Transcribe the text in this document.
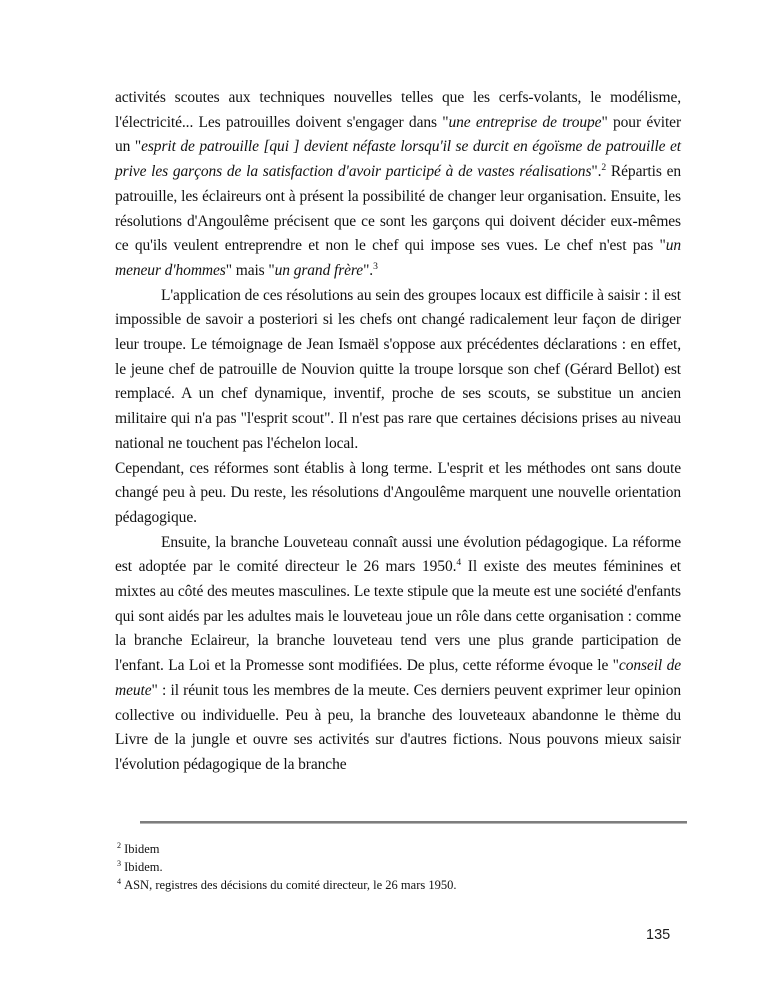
activités scoutes aux techniques nouvelles telles que les cerfs-volants, le modélisme, l'électricité... Les patrouilles doivent s'engager dans "une entreprise de troupe" pour éviter un "esprit de patrouille [qui ] devient néfaste lorsqu'il se durcit en égoïsme de patrouille et prive les garçons de la satisfaction d'avoir participé à de vastes réalisations".$^2$ Répartis en patrouille, les éclaireurs ont à présent la possibilité de changer leur organisation. Ensuite, les résolutions d'Angoulême précisent que ce sont les garçons qui doivent décider eux-mêmes ce qu'ils veulent entreprendre et non le chef qui impose ses vues. Le chef n'est pas "un meneur d'hommes" mais "un grand frère".$^3$

L'application de ces résolutions au sein des groupes locaux est difficile à saisir : il est impossible de savoir a posteriori si les chefs ont changé radicalement leur façon de diriger leur troupe. Le témoignage de Jean Ismaël s'oppose aux précédentes déclarations : en effet, le jeune chef de patrouille de Nouvion quitte la troupe lorsque son chef (Gérard Bellot) est remplacé. A un chef dynamique, inventif, proche de ses scouts, se substitue un ancien militaire qui n'a pas "l'esprit scout". Il n'est pas rare que certaines décisions prises au niveau national ne touchent pas l'échelon local.

Cependant, ces réformes sont établis à long terme. L'esprit et les méthodes ont sans doute changé peu à peu. Du reste, les résolutions d'Angoulême marquent une nouvelle orientation pédagogique.

Ensuite, la branche Louveteau connaît aussi une évolution pédagogique. La réforme est adoptée par le comité directeur le 26 mars 1950.$^4$ Il existe des meutes féminines et mixtes au côté des meutes masculines. Le texte stipule que la meute est une société d'enfants qui sont aidés par les adultes mais le louveteau joue un rôle dans cette organisation : comme la branche Eclaireur, la branche louveteau tend vers une plus grande participation de l'enfant. La Loi et la Promesse sont modifiées. De plus, cette réforme évoque le "conseil de meute" : il réunit tous les membres de la meute. Ces derniers peuvent exprimer leur opinion collective ou individuelle. Peu à peu, la branche des louveteaux abandonne le thème du Livre de la jungle et ouvre ses activités sur d'autres fictions. Nous pouvons mieux saisir l'évolution pédagogique de la branche

$^2$ Ibidem

$^3$ Ibidem.

$^4$ ASN, registres des décisions du comité directeur, le 26 mars 1950.

135
